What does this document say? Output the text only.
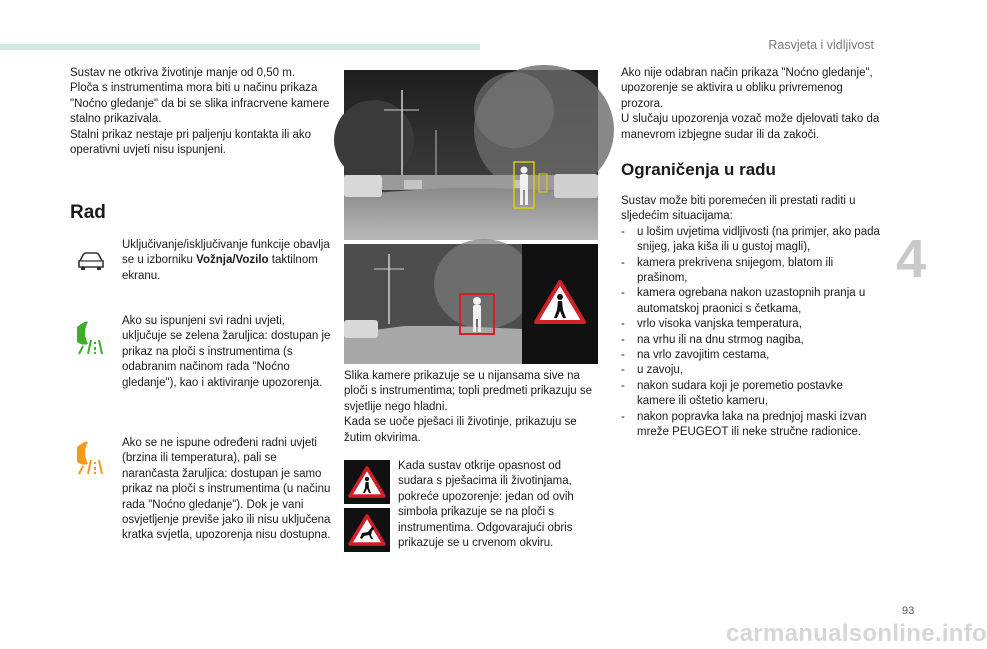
Rasvjeta i vidljivost
4
93
carmanualsonline.info

Sustav ne otkriva životinje manje od 0,50 m.

Ploča s instrumentima mora biti u načinu prikaza "Noćno gledanje" da bi se slika infracrvene kamere stalno prikazivala.

Stalni prikaz nestaje pri paljenju kontakta ili ako operativni uvjeti nisu ispunjeni.

Rad

Uključivanje/isključivanje funkcije obavlja se u izborniku Vožnja/Vozilo taktilnom ekranu.

Ako su ispunjeni svi radni uvjeti, uključuje se zelena žaruljica: dostupan je prikaz na ploči s instrumentima (s odabranim načinom rada "Noćno gledanje"), kao i aktiviranje upozorenja.

Ako se ne ispune određeni radni uvjeti (brzina ili temperatura), pali se narančasta žaruljica: dostupan je samo prikaz na ploči s instrumentima (u načinu rada "Noćno gledanje"). Dok je vani osvjetljenje previše jako ili nisu uključena kratka svjetla, upozorenja nisu dostupna.

Slika kamere prikazuje se u nijansama sive na ploči s instrumentima; topli predmeti prikazuju se svjetlije nego hladni.

Kada se uoče pješaci ili životinje, prikazuju se žutim okvirima.

Kada sustav otkrije opasnost od sudara s pješacima ili životinjama, pokreće upozorenje: jedan od ovih simbola prikazuje se na ploči s instrumentima. Odgovarajući obris prikazuje se u crvenom okviru.

Ako nije odabran način prikaza "Noćno gledanje", upozorenje se aktivira u obliku privremenog prozora.

U slučaju upozorenja vozač može djelovati tako da manevrom izbjegne sudar ili da zakoči.

Ograničenja u radu

Sustav može biti poremećen ili prestati raditi u sljedećim situacijama:

- u lošim uvjetima vidljivosti (na primjer, ako pada snijeg, jaka kiša ili u gustoj magli),
- kamera prekrivena snijegom, blatom ili prašinom,
- kamera ogrebana nakon uzastopnih pranja u automatskoj praonici s četkama,
- vrlo visoka vanjska temperatura,
- na vrhu ili na dnu strmog nagiba,
- na vrlo zavojitim cestama,
- u zavoju,
- nakon sudara koji je poremetio postavke kamere ili oštetio kameru,
- nakon popravka laka na prednjoj maski izvan mreže PEUGEOT ili neke stručne radionice.
